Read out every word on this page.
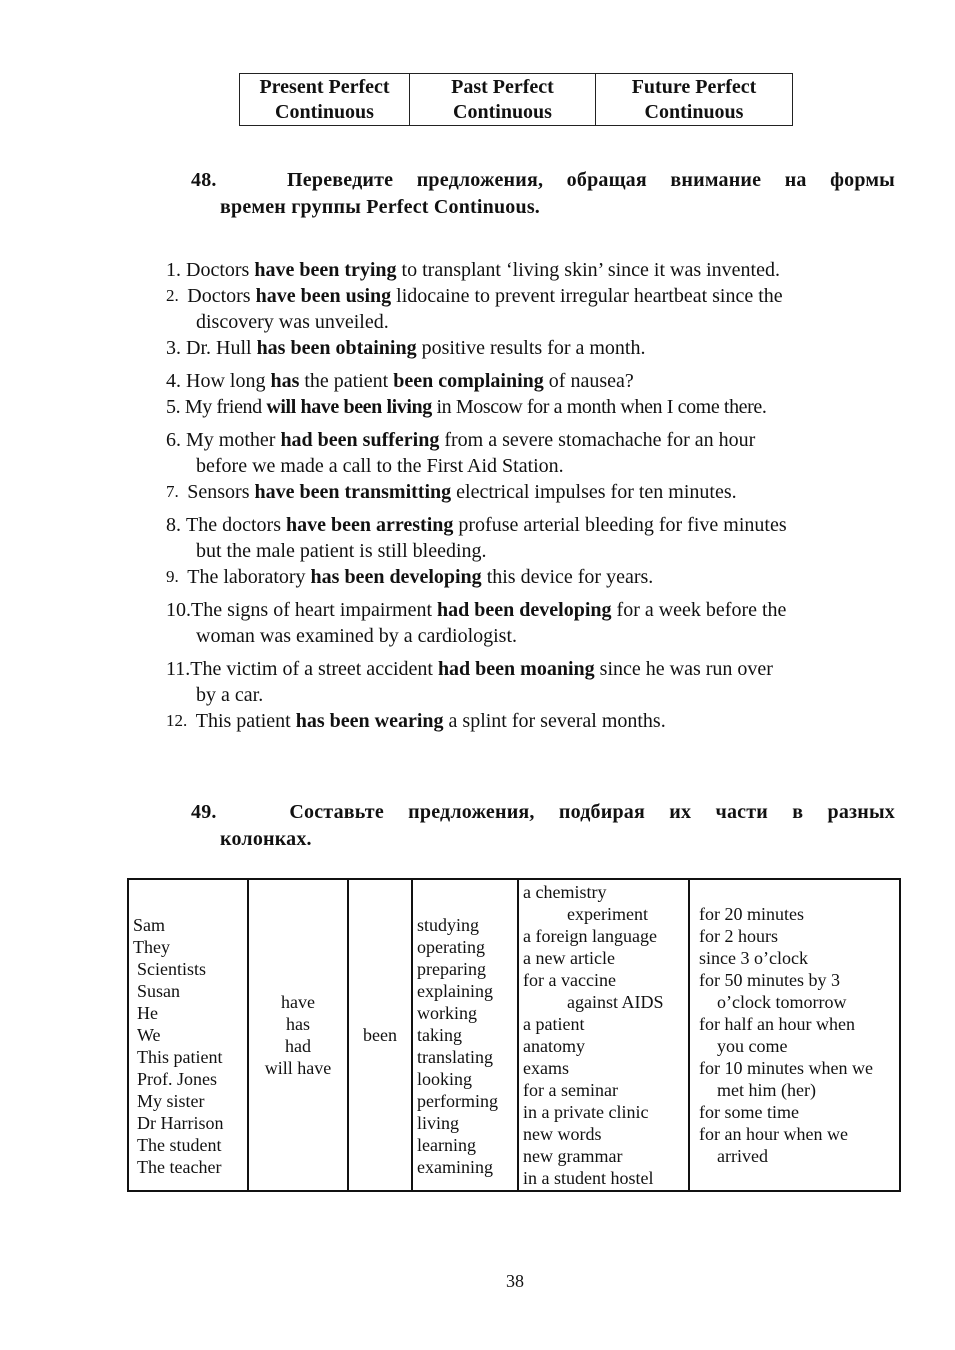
Present Perfect
Continuous

Past Perfect
Continuous

Future Perfect
Continuous
48.	Переведите предложения, обращая внимание на формы
времен группы Perfect Continuous.
1. Doctors have been trying to transplant ‘living skin’ since it was invented.
2. Doctors have been using lidocaine to prevent irregular heartbeat since the
discovery was unveiled.
3. Dr. Hull has been obtaining positive results for a month.
4. How long has the patient been complaining of nausea?
5. My friend will have been living in Moscow for a month when I come there.
6. My mother had been suffering from a severe stomachache for an hour
before we made a call to the First Aid Station.
7. Sensors have been transmitting electrical impulses for ten minutes.
8. The doctors have been arresting profuse arterial bleeding for five minutes
but the male patient is still bleeding.
9. The laboratory has been developing this device for years.
10. The signs of heart impairment had been developing for a week before the
woman was examined by a cardiologist.
11. The victim of a street accident had been moaning since he was run over
by a car.
12. This patient has been wearing a splint for several months.
49.	Составьте предложения, подбирая их части в разных
колонках.
Sam
They
Scientists
Susan
He
We
This patient
Prof. Jones
My sister
Dr Harrison
The student
The teacher

have
has
had
will have

been

studying
operating
preparing
explaining
working
taking
translating
looking
performing
living
learning
examining

a chemistry
experiment
a foreign language
a new article
for a vaccine
against AIDS
a patient
anatomy
exams
for a seminar
in a private clinic
new words
new grammar
in a student hostel

for 20 minutes
for 2 hours
since 3 o’clock
for 50 minutes by 3
o’clock tomorrow
for half an hour when
you come
for 10 minutes when we
met him (her)
for some time
for an hour when we
arrived
38
